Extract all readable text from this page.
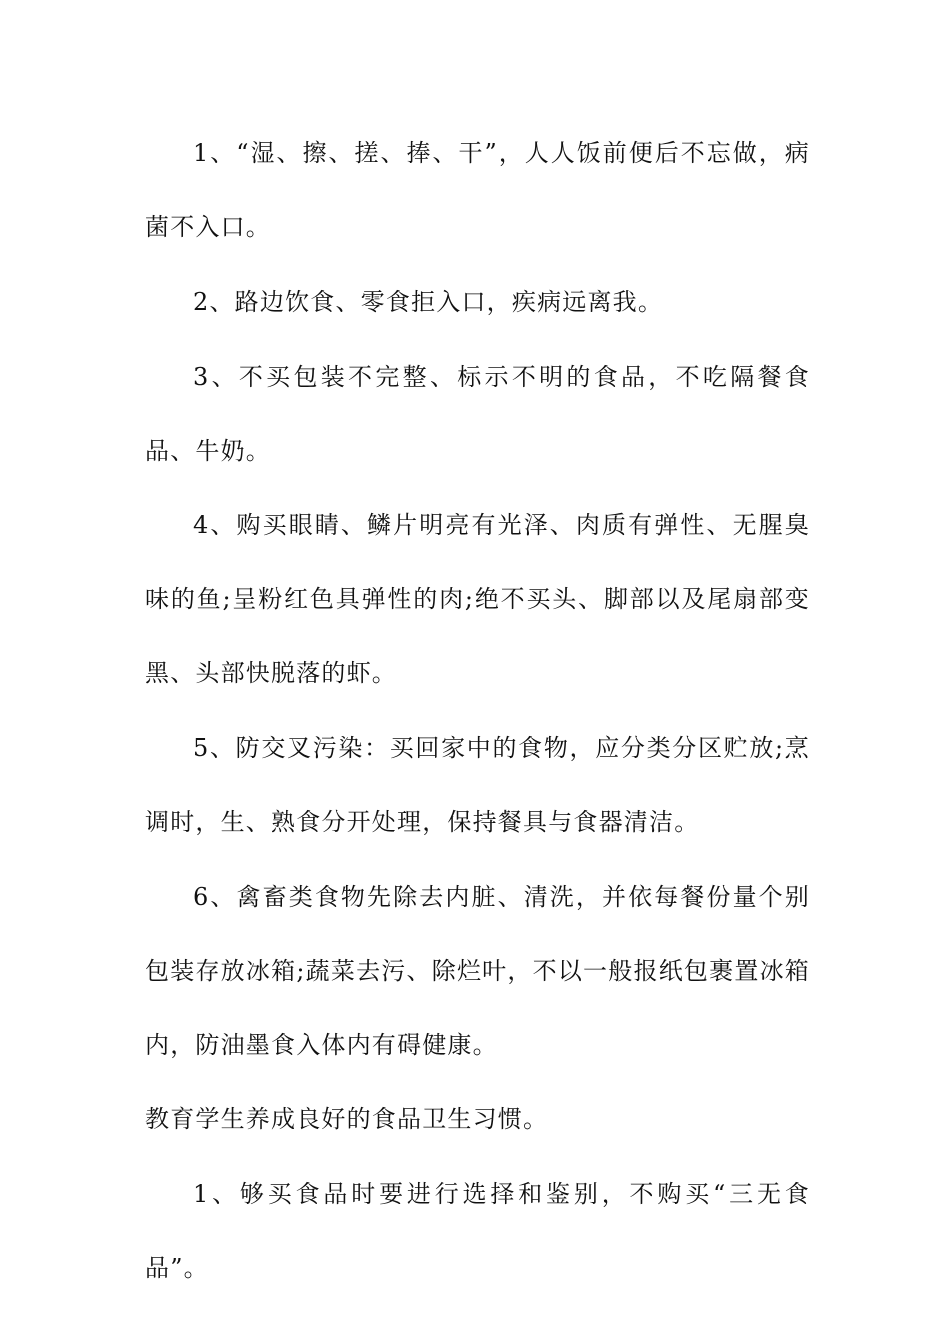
1、“湿、擦、搓、捧、干”，人人饭前便后不忘做，病菌不入口。

2、路边饮食、零食拒入口，疾病远离我。

3、不买包装不完整、标示不明的食品，不吃隔餐食品、牛奶。

4、购买眼睛、鳞片明亮有光泽、肉质有弹性、无腥臭味的鱼;呈粉红色具弹性的肉;绝不买头、脚部以及尾扇部变黑、头部快脱落的虾。

5、防交叉污染：买回家中的食物，应分类分区贮放;烹调时，生、熟食分开处理，保持餐具与食器清洁。

6、禽畜类食物先除去内脏、清洗，并依每餐份量个别包装存放冰箱;蔬菜去污、除烂叶，不以一般报纸包裹置冰箱内，防油墨食入体内有碍健康。

教育学生养成良好的食品卫生习惯。

1、够买食品时要进行选择和鉴别，不购买“三无食品”。
